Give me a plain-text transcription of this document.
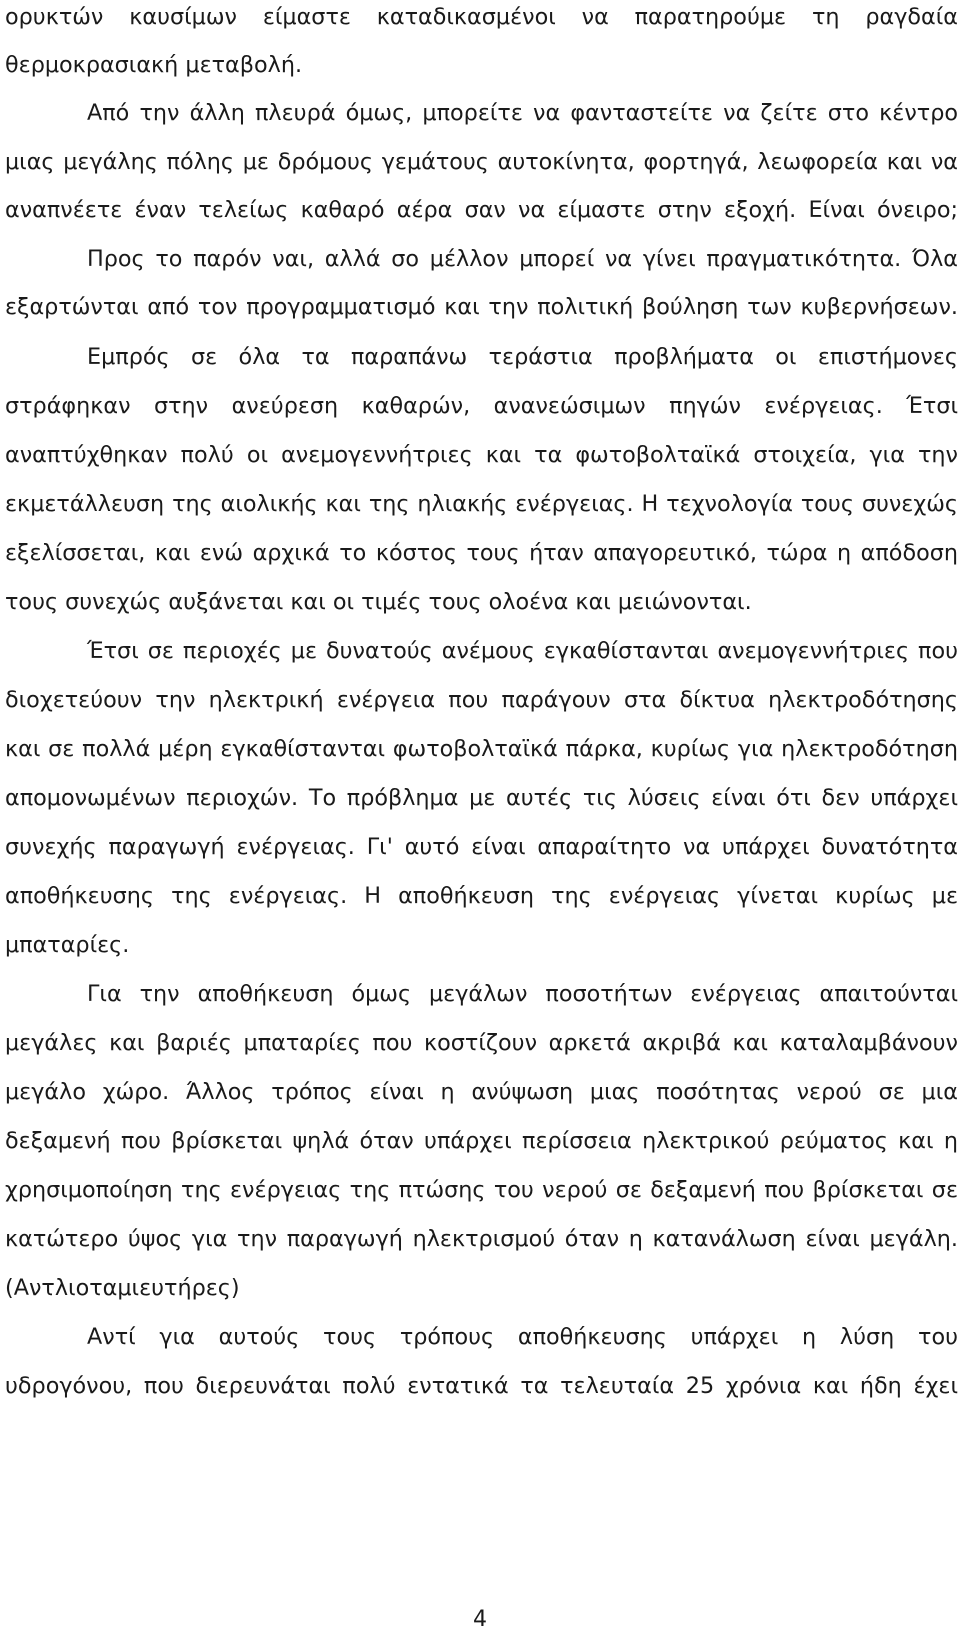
ορυκτών καυσίμων είμαστε καταδικασμένοι να παρατηρούμε τη ραγδαία
θερμοκρασιακή μεταβολή.
Από την άλλη πλευρά όμως, μπορείτε να φανταστείτε να ζείτε στο κέντρο
μιας μεγάλης πόλης με δρόμους γεμάτους αυτοκίνητα, φορτηγά, λεωφορεία και να
αναπνέετε έναν τελείως καθαρό αέρα σαν να είμαστε στην εξοχή. Είναι όνειρο;
Προς το παρόν ναι, αλλά σο μέλλον μπορεί να γίνει πραγματικότητα. Όλα
εξαρτώνται από τον προγραμματισμό και την πολιτική βούληση των κυβερνήσεων.
Εμπρός σε όλα τα παραπάνω τεράστια προβλήματα οι επιστήμονες
στράφηκαν στην ανεύρεση καθαρών, ανανεώσιμων πηγών ενέργειας. Έτσι
αναπτύχθηκαν πολύ οι ανεμογεννήτριες και τα φωτοβολταϊκά στοιχεία, για την
εκμετάλλευση της αιολικής και της ηλιακής ενέργειας. Η τεχνολογία τους συνεχώς
εξελίσσεται, και ενώ αρχικά το κόστος τους ήταν απαγορευτικό, τώρα η απόδοση
τους συνεχώς αυξάνεται και οι τιμές τους ολοένα και μειώνονται.
Έτσι σε περιοχές με δυνατούς ανέμους εγκαθίστανται ανεμογεννήτριες που
διοχετεύουν την ηλεκτρική ενέργεια που παράγουν στα δίκτυα ηλεκτροδότησης
και σε πολλά μέρη εγκαθίστανται φωτοβολταϊκά πάρκα, κυρίως για ηλεκτροδότηση
απομονωμένων περιοχών. Το πρόβλημα με αυτές τις λύσεις είναι ότι δεν υπάρχει
συνεχής παραγωγή ενέργειας. Γι' αυτό είναι απαραίτητο να υπάρχει δυνατότητα
αποθήκευσης της ενέργειας. Η αποθήκευση της ενέργειας γίνεται κυρίως με
μπαταρίες.
Για την αποθήκευση όμως μεγάλων ποσοτήτων ενέργειας απαιτούνται
μεγάλες και βαριές μπαταρίες που κοστίζουν αρκετά ακριβά και καταλαμβάνουν
μεγάλο χώρο. Άλλος τρόπος είναι η ανύψωση μιας ποσότητας νερού σε μια
δεξαμενή που βρίσκεται ψηλά όταν υπάρχει περίσσεια ηλεκτρικού ρεύματος και η
χρησιμοποίηση της ενέργειας της πτώσης του νερού σε δεξαμενή που βρίσκεται σε
κατώτερο ύψος για την παραγωγή ηλεκτρισμού όταν η κατανάλωση είναι μεγάλη.
(Αντλιοταμιευτήρες)
Αντί για αυτούς τους τρόπους αποθήκευσης υπάρχει η λύση του
υδρογόνου, που διερευνάται πολύ εντατικά τα τελευταία 25 χρόνια και ήδη έχει
4
